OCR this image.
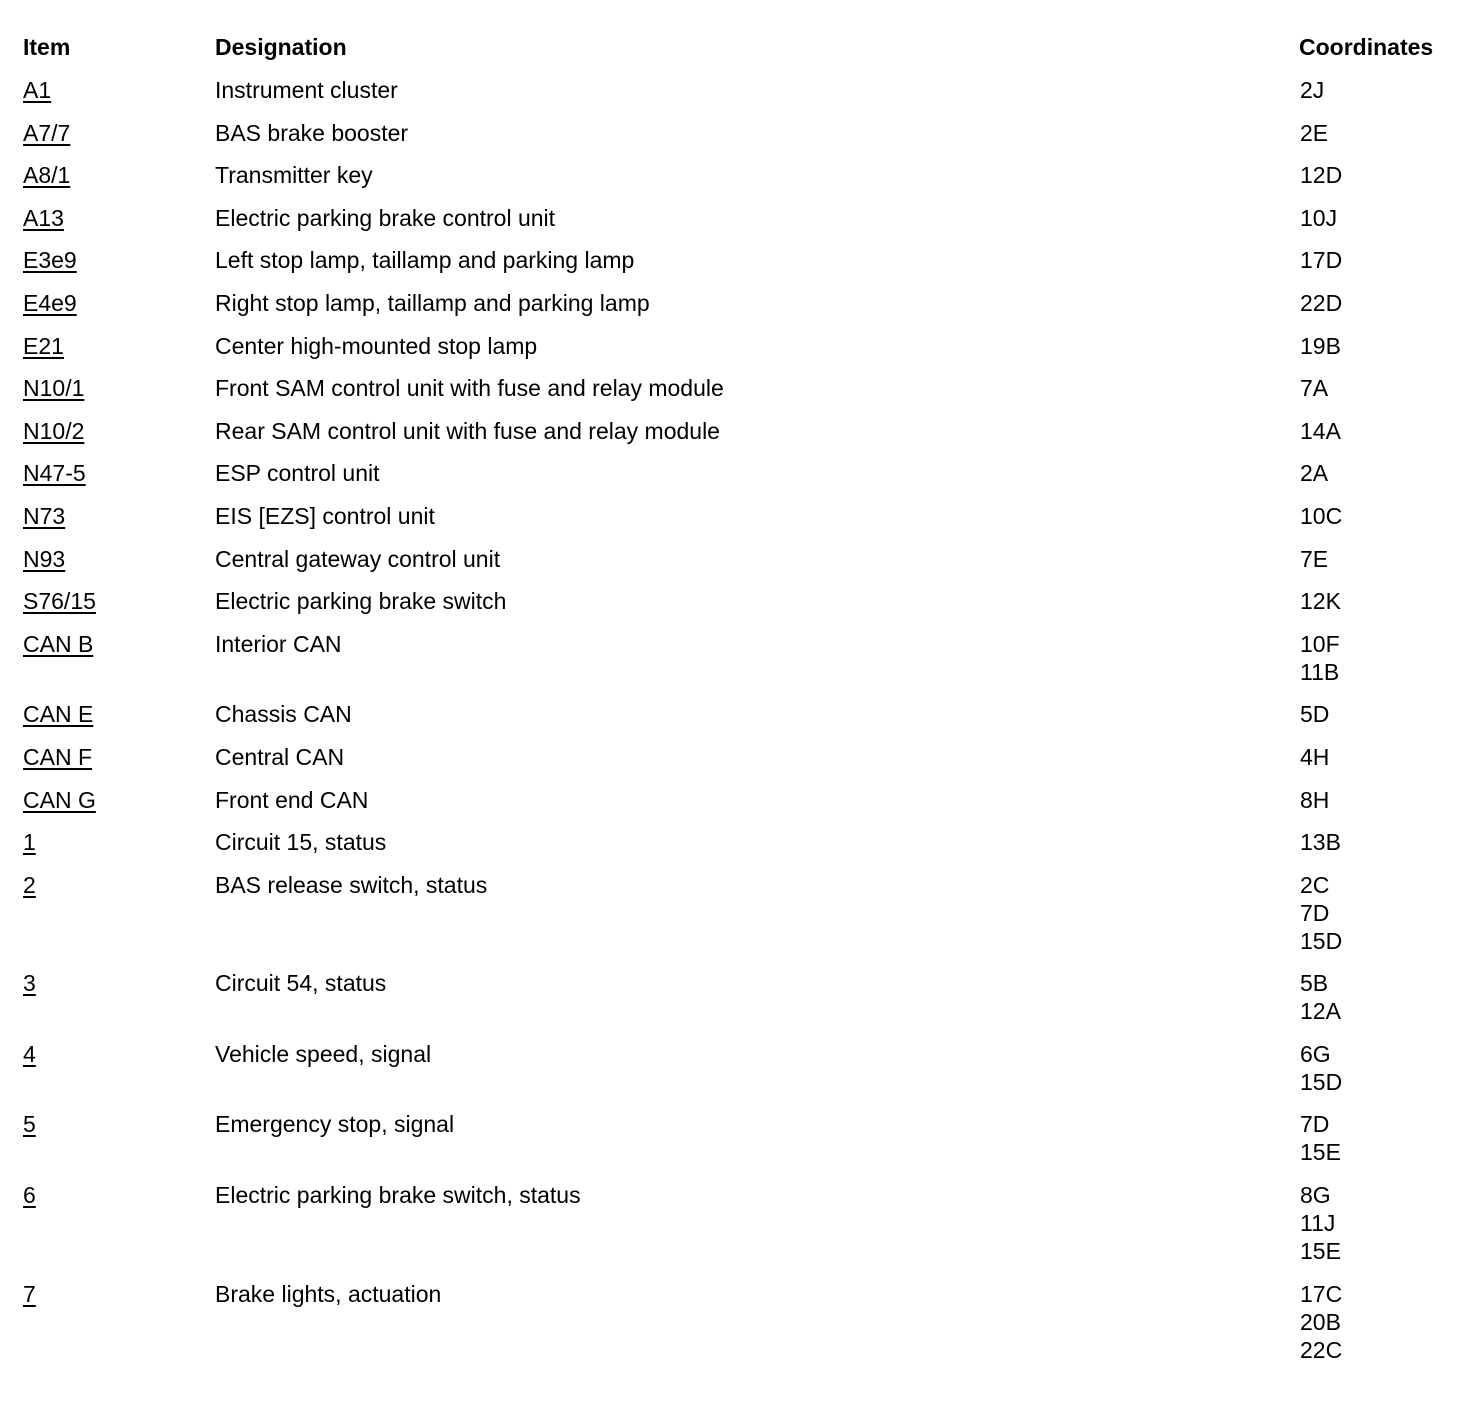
Item	Designation	Coordinates
A1	Instrument cluster	2J
A7/7	BAS brake booster	2E
A8/1	Transmitter key	12D
A13	Electric parking brake control unit	10J
E3e9	Left stop lamp, taillamp and parking lamp	17D
E4e9	Right stop lamp, taillamp and parking lamp	22D
E21	Center high-mounted stop lamp	19B
N10/1	Front SAM control unit with fuse and relay module	7A
N10/2	Rear SAM control unit with fuse and relay module	14A
N47-5	ESP control unit	2A
N73	EIS [EZS] control unit	10C
N93	Central gateway control unit	7E
S76/15	Electric parking brake switch	12K
CAN B	Interior CAN	10F
11B
CAN E	Chassis CAN	5D
CAN F	Central CAN	4H
CAN G	Front end CAN	8H
1	Circuit 15, status	13B
2	BAS release switch, status	2C
7D
15D
3	Circuit 54, status	5B
12A
4	Vehicle speed, signal	6G
15D
5	Emergency stop, signal	7D
15E
6	Electric parking brake switch, status	8G
11J
15E
7	Brake lights, actuation	17C
20B
22C
